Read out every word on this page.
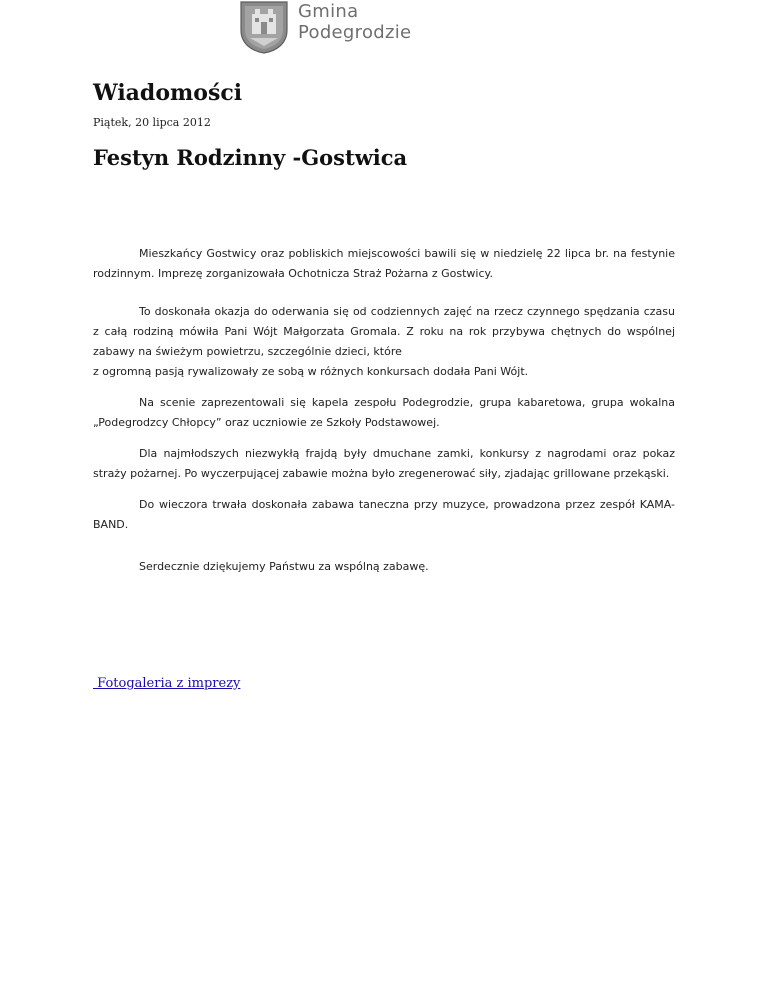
Gmina
Podegrodzie
Wiadomości
Piątek, 20 lipca 2012
Festyn Rodzinny -Gostwica

Mieszkańcy Gostwicy oraz pobliskich miejscowości bawili się w niedzielę 22 lipca br. na festynie rodzinnym. Imprezę zorganizowała Ochotnicza Straż Pożarna z Gostwicy.

To doskonała okazja do oderwania się od codziennych zajęć na rzecz czynnego spędzania czasu z całą rodziną mówiła Pani Wójt Małgorzata Gromala. Z roku na rok przybywa chętnych do wspólnej zabawy na świeżym powietrzu, szczególnie dzieci, które

z ogromną pasją rywalizowały ze sobą w różnych konkursach dodała Pani Wójt.

Na scenie zaprezentowali się kapela zespołu Podegrodzie, grupa kabaretowa, grupa wokalna „Podegrodzcy Chłopcy” oraz uczniowie ze Szkoły Podstawowej.

Dla najmłodszych niezwykłą frajdą były dmuchane zamki, konkursy z nagrodami oraz pokaz straży pożarnej. Po wyczerpującej zabawie można było zregenerować siły, zjadając grillowane przekąski.

Do wieczora trwała doskonała zabawa taneczna przy muzyce, prowadzona przez zespół KAMA-BAND.

Serdecznie dziękujemy Państwu za wspólną zabawę.

Fotogaleria z imprezy
